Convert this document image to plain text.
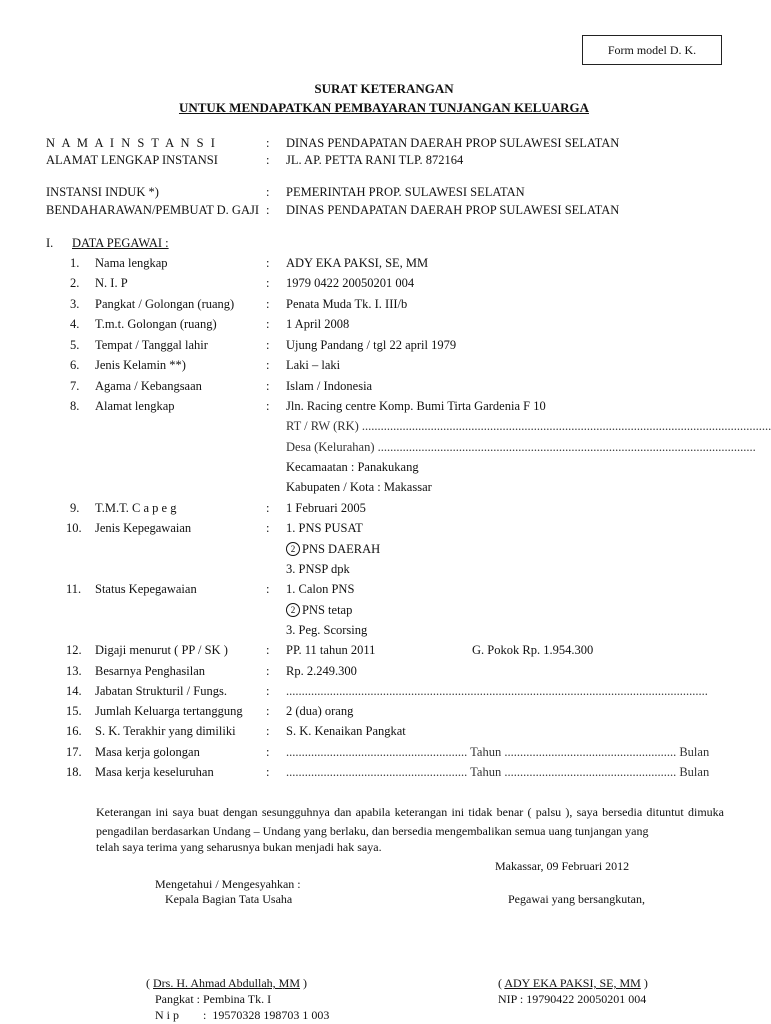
Form model D. K.
SURAT KETERANGAN
UNTUK MENDAPATKAN PEMBAYARAN TUNJANGAN KELUARGA
N A M A I N S T A N S I	: DINAS PENDAPATAN DAERAH PROP SULAWESI SELATAN
ALAMAT LENGKAP INSTANSI	: JL. AP. PETTA RANI TLP. 872164
INSTANSI INDUK *)	: PEMERINTAH PROP. SULAWESI SELATAN
BENDAHARAWAN/PEMBUAT D. GAJI : DINAS PENDAPATAN DAERAH PROP SULAWESI SELATAN
I. DATA PEGAWAI :
1. Nama lengkap	: ADY EKA PAKSI, SE, MM
2. N. I. P	: 1979 0422 20050201 004
3. Pangkat / Golongan (ruang)	: Penata Muda Tk. I. III/b
4. T.m.t. Golongan (ruang)	: 1 April 2008
5. Tempat / Tanggal lahir	: Ujung Pandang / tgl 22 april 1979
6. Jenis Kelamin **)	: Laki – laki
7. Agama / Kebangsaan	: Islam / Indonesia
8. Alamat lengkap	: Jln. Racing centre Komp. Bumi Tirta Gardenia F 10
RT / RW (RK) ...................................................................................................................................
Desa (Kelurahan) .........................................................................................................................
Kecamaatan : Panakukang
Kabupaten / Kota : Makassar
9. T.M.T. C a p e g	: 1 Februari 2005
10. Jenis Kepegawaian	: 1. PNS PUSAT
2 PNS DAERAH
3. PNSP dpk
11. Status Kepegawaian	: 1. Calon PNS
2 PNS tetap
3. Peg. Scorsing
12. Digaji menurut ( PP / SK )	: PP. 11 tahun 2011	G. Pokok Rp. 1.954.300
13. Besarnya Penghasilan	: Rp. 2.249.300
14. Jabatan Strukturil / Fungs.	: .......................................................................................................................................
15. Jumlah Keluarga tertanggung : 2 (dua) orang
16. S. K. Terakhir yang dimiliki : S. K. Kenaikan Pangkat
17. Masa kerja golongan	: .......................................................... Tahun ....................................................... Bulan
18. Masa kerja keseluruhan	: .......................................................... Tahun ....................................................... Bulan
Keterangan ini saya buat dengan sesungguhnya dan apabila keterangan ini tidak benar ( palsu ), saya bersedia dituntut dimuka pengadilan berdasarkan Undang – Undang yang berlaku, dan bersedia mengembalikan semua uang tunjangan yang
telah saya terima yang seharusnya bukan menjadi hak saya.
Makassar, 09 Februari 2012
Mengetahui / Mengesyahkan :
Kepala Bagian Tata Usaha	Pegawai yang bersangkutan,
( Drs. H. Ahmad Abdullah, MM )
Pangkat : Pembina Tk. I
N i p        :  19570328 198703 1 003
( ADY EKA PAKSI, SE, MM )
NIP : 19790422 20050201 004
